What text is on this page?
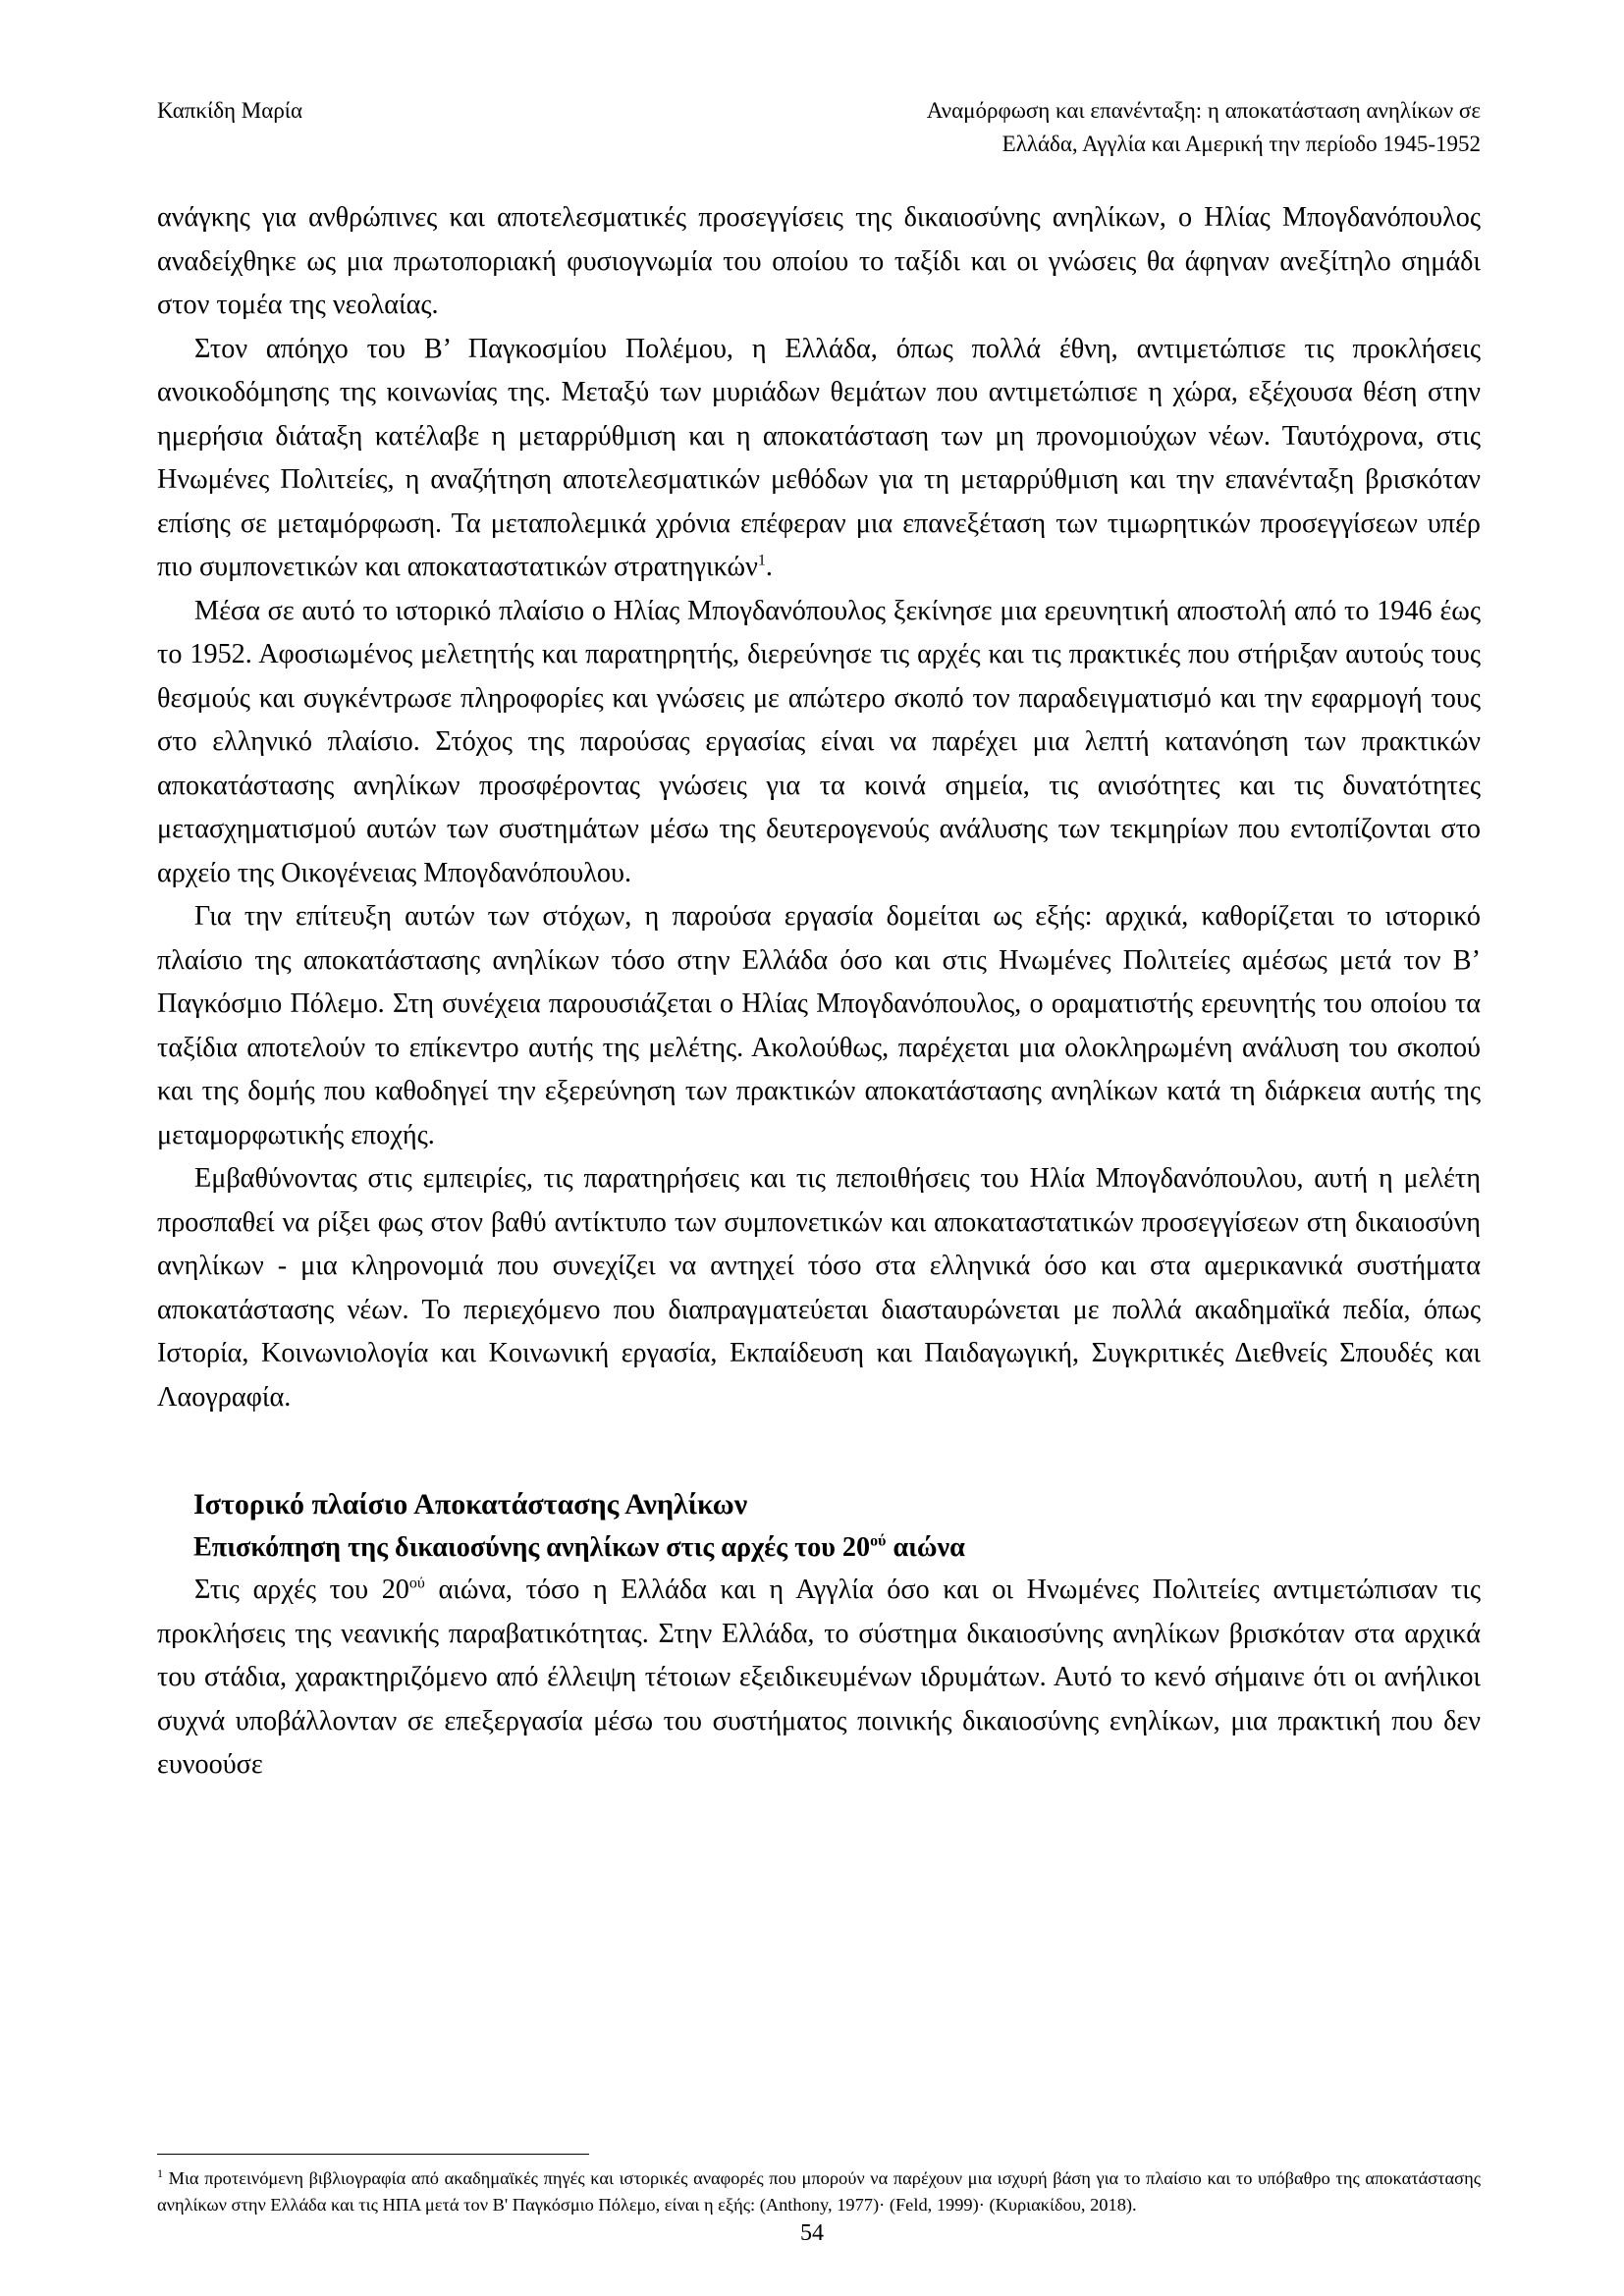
Καπκίδη Μαρία	Αναμόρφωση και επανένταξη: η αποκατάσταση ανηλίκων σε
Ελλάδα, Αγγλία και Αμερική την περίοδο 1945-1952

ανάγκης για ανθρώπινες και αποτελεσματικές προσεγγίσεις της δικαιοσύνης ανηλίκων, ο Ηλίας Μπογδανόπουλος αναδείχθηκε ως μια πρωτοποριακή φυσιογνωμία του οποίου το ταξίδι και οι γνώσεις θα άφηναν ανεξίτηλο σημάδι στον τομέα της νεολαίας.

Στον απόηχο του Β’ Παγκοσμίου Πολέμου, η Ελλάδα, όπως πολλά έθνη, αντιμετώπισε τις προκλήσεις ανοικοδόμησης της κοινωνίας της. Μεταξύ των μυριάδων θεμάτων που αντιμετώπισε η χώρα, εξέχουσα θέση στην ημερήσια διάταξη κατέλαβε η μεταρρύθμιση και η αποκατάσταση των μη προνομιούχων νέων. Ταυτόχρονα, στις Ηνωμένες Πολιτείες, η αναζήτηση αποτελεσματικών μεθόδων για τη μεταρρύθμιση και την επανένταξη βρισκόταν επίσης σε μεταμόρφωση. Τα μεταπολεμικά χρόνια επέφεραν μια επανεξέταση των τιμωρητικών προσεγγίσεων υπέρ πιο συμπονετικών και αποκαταστατικών στρατηγικών$^1$.

Μέσα σε αυτό το ιστορικό πλαίσιο ο Ηλίας Μπογδανόπουλος ξεκίνησε μια ερευνητική αποστολή από το 1946 έως το 1952. Αφοσιωμένος μελετητής και παρατηρητής, διερεύνησε τις αρχές και τις πρακτικές που στήριξαν αυτούς τους θεσμούς και συγκέντρωσε πληροφορίες και γνώσεις με απώτερο σκοπό τον παραδειγματισμό και την εφαρμογή τους στο ελληνικό πλαίσιο. Στόχος της παρούσας εργασίας είναι να παρέχει μια λεπτή κατανόηση των πρακτικών αποκατάστασης ανηλίκων προσφέροντας γνώσεις για τα κοινά σημεία, τις ανισότητες και τις δυνατότητες μετασχηματισμού αυτών των συστημάτων μέσω της δευτερογενούς ανάλυσης των τεκμηρίων που εντοπίζονται στο αρχείο της Οικογένειας Μπογδανόπουλου.

Για την επίτευξη αυτών των στόχων, η παρούσα εργασία δομείται ως εξής: αρχικά, καθορίζεται το ιστορικό πλαίσιο της αποκατάστασης ανηλίκων τόσο στην Ελλάδα όσο και στις Ηνωμένες Πολιτείες αμέσως μετά τον Β’ Παγκόσμιο Πόλεμο. Στη συνέχεια παρουσιάζεται ο Ηλίας Μπογδανόπουλος, ο οραματιστής ερευνητής του οποίου τα ταξίδια αποτελούν το επίκεντρο αυτής της μελέτης. Ακολούθως, παρέχεται μια ολοκληρωμένη ανάλυση του σκοπού και της δομής που καθοδηγεί την εξερεύνηση των πρακτικών αποκατάστασης ανηλίκων κατά τη διάρκεια αυτής της μεταμορφωτικής εποχής.

Εμβαθύνοντας στις εμπειρίες, τις παρατηρήσεις και τις πεποιθήσεις του Ηλία Μπογδανόπουλου, αυτή η μελέτη προσπαθεί να ρίξει φως στον βαθύ αντίκτυπο των συμπονετικών και αποκαταστατικών προσεγγίσεων στη δικαιοσύνη ανηλίκων - μια κληρονομιά που συνεχίζει να αντηχεί τόσο στα ελληνικά όσο και στα αμερικανικά συστήματα αποκατάστασης νέων. Το περιεχόμενο που διαπραγματεύεται διασταυρώνεται με πολλά ακαδημαϊκά πεδία, όπως Ιστορία, Κοινωνιολογία και Κοινωνική εργασία, Εκπαίδευση και Παιδαγωγική, Συγκριτικές Διεθνείς Σπουδές και Λαογραφία.

Ιστορικό πλαίσιο Αποκατάστασης Ανηλίκων
Επισκόπηση της δικαιοσύνης ανηλίκων στις αρχές του $20^{oύ}$ αιώνα

Στις αρχές του $20^{oύ}$ αιώνα, τόσο η Ελλάδα και η Αγγλία όσο και οι Ηνωμένες Πολιτείες αντιμετώπισαν τις προκλήσεις της νεανικής παραβατικότητας. Στην Ελλάδα, το σύστημα δικαιοσύνης ανηλίκων βρισκόταν στα αρχικά του στάδια, χαρακτηριζόμενο από έλλειψη τέτοιων εξειδικευμένων ιδρυμάτων. Αυτό το κενό σήμαινε ότι οι ανήλικοι συχνά υποβάλλονταν σε επεξεργασία μέσω του συστήματος ποινικής δικαιοσύνης ενηλίκων, μια πρακτική που δεν ευνοούσε

$^1$ Μια προτεινόμενη βιβλιογραφία από ακαδημαϊκές πηγές και ιστορικές αναφορές που μπορούν να παρέχουν μια ισχυρή βάση για το πλαίσιο και το υπόβαθρο της αποκατάστασης ανηλίκων στην Ελλάδα και τις ΗΠΑ μετά τον Β' Παγκόσμιο Πόλεμο, είναι η εξής: (Anthony, 1977)· (Feld, 1999)· (Κυριακίδου, 2018).
54
